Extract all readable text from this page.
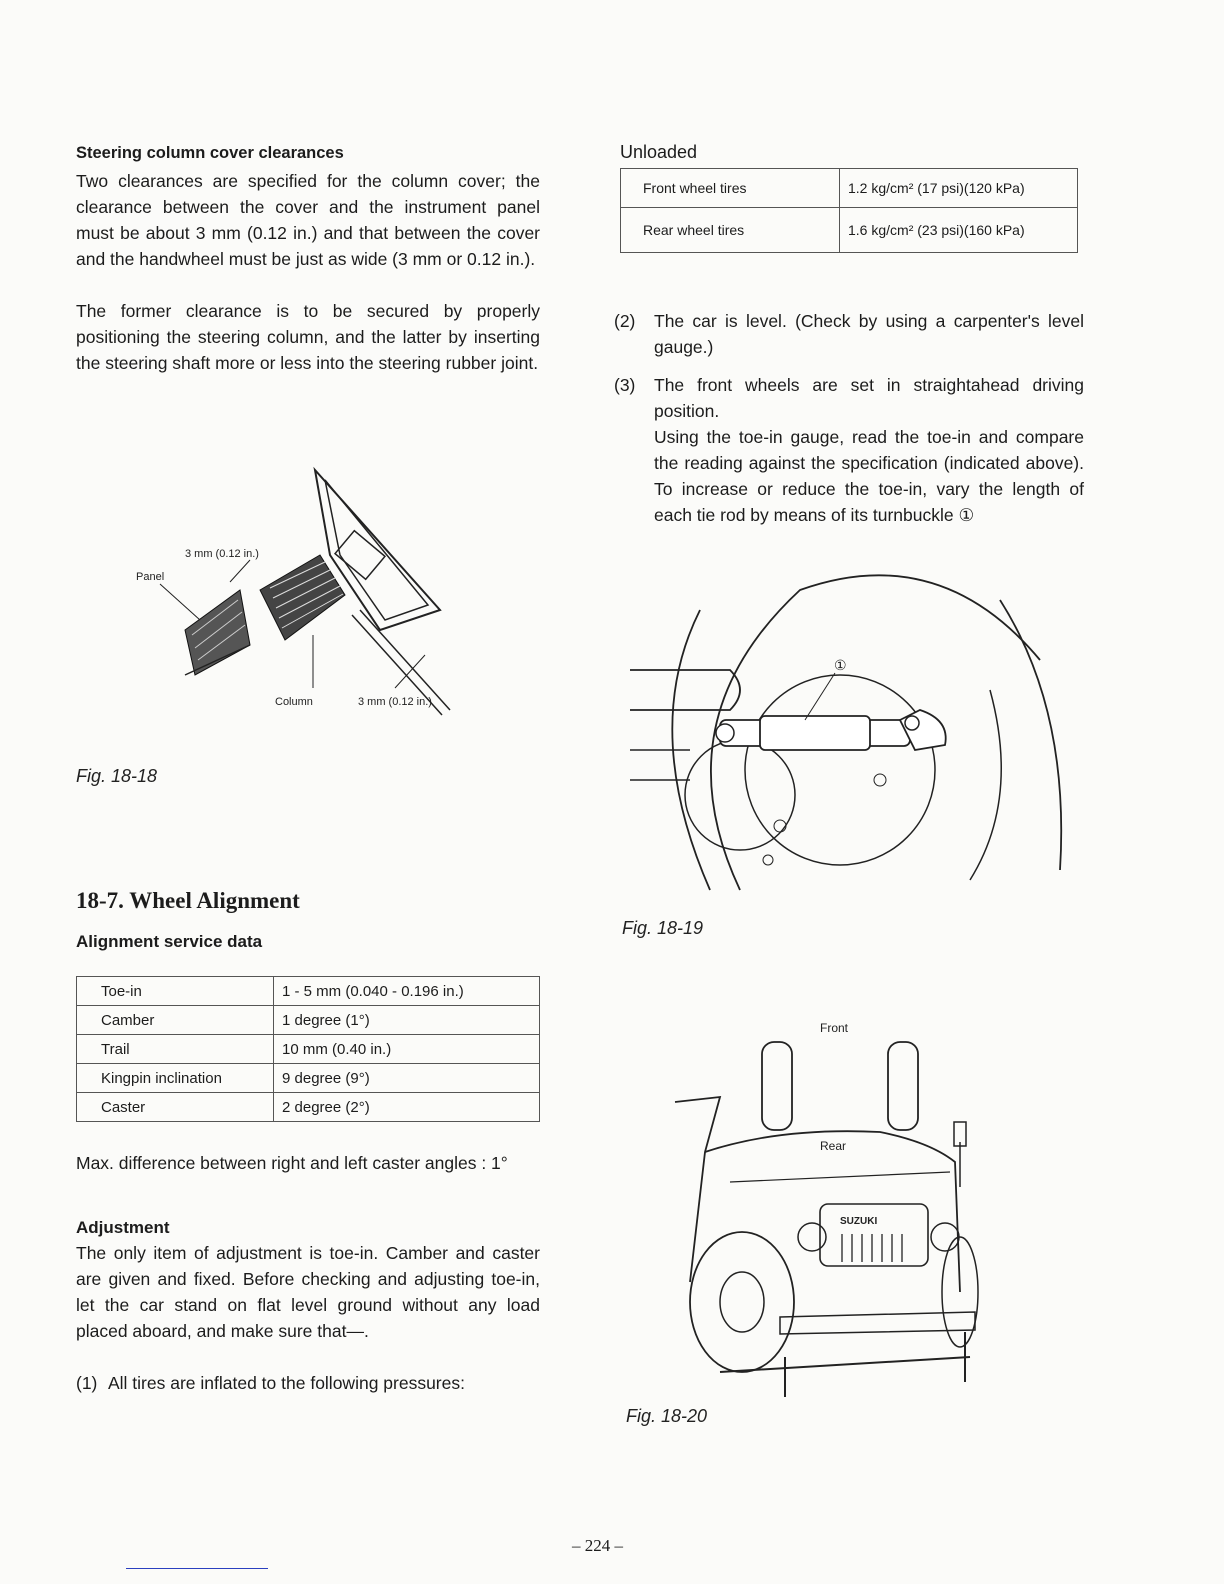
Steering column cover clearances
Two clearances are specified for the column cover; the clearance between the cover and the instrument panel must be about 3 mm (0.12 in.) and that between the cover and the handwheel must be just as wide (3 mm or 0.12 in.).
The former clearance is to be secured by properly positioning the steering column, and the latter by inserting the steering shaft more or less into the steering rubber joint.
3 mm (0.12 in.)
Panel
Column	3 mm (0.12 in.)
Fig. 18-18
18-7. Wheel Alignment
Alignment service data
Toe-in	1 - 5 mm (0.040 - 0.196 in.)
Camber	1 degree (1°)
Trail	10 mm (0.40 in.)
Kingpin inclination	9 degree (9°)
Caster	2 degree (2°)
Max. difference between right and left caster angles : 1°
Adjustment
The only item of adjustment is toe-in. Camber and caster are given and fixed. Before checking and adjusting toe-in, let the car stand on flat level ground without any load placed aboard, and make sure that—.
(1) All tires are inflated to the following pressures:
Unloaded
Front wheel tires	1.2 kg/cm² (17 psi)(120 kPa)
Rear wheel tires	1.6 kg/cm² (23 psi)(160 kPa)
(2)	The car is level. (Check by using a carpenter's level gauge.)
(3)	The front wheels are set in straightahead driving position.
Using the toe-in gauge, read the toe-in and compare the reading against the specification (indicated above). To increase or reduce the toe-in, vary the length of each tie rod by means of its turnbuckle ①
①
Fig. 18-19
Front
Rear
SUZUKI
Fig. 18-20
– 224 –
